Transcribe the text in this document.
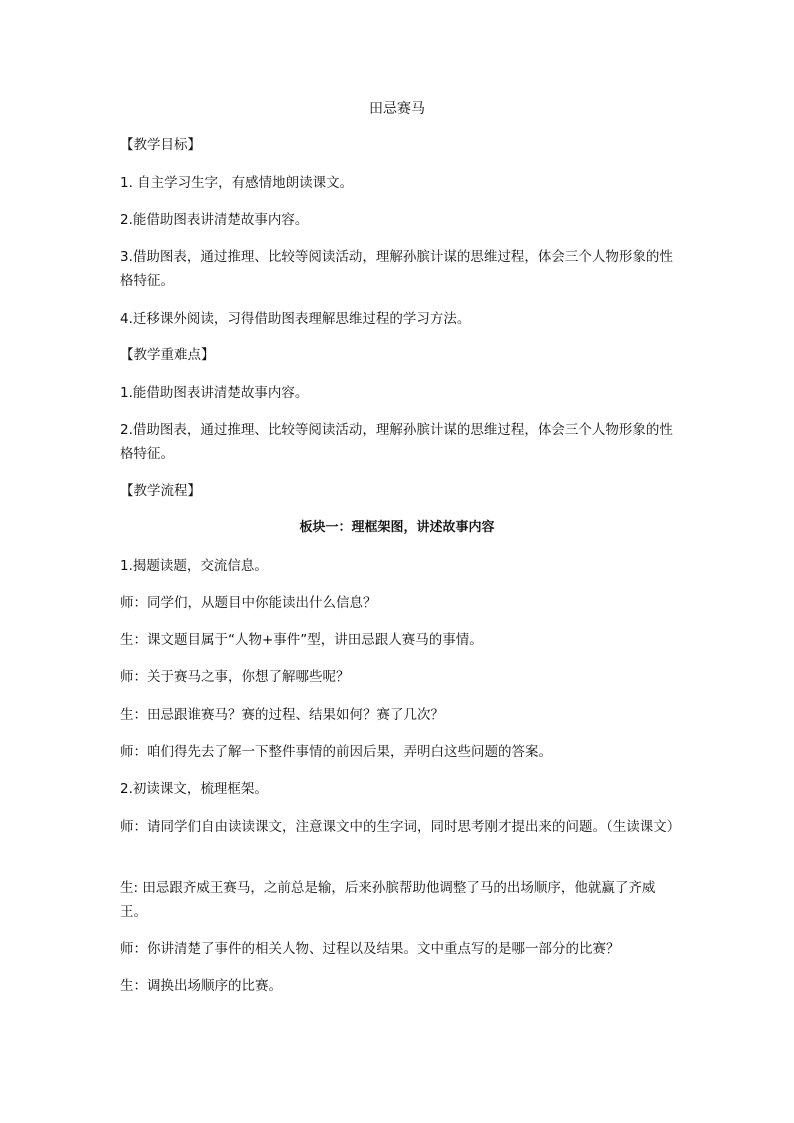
田忌赛马
【教学目标】
1. 自主学习生字，有感情地朗读课文。
2.能借助图表讲清楚故事内容。
3.借助图表，通过推理、比较等阅读活动，理解孙膑计谋的思维过程，体会三个人物形象的性格特征。
4.迁移课外阅读，习得借助图表理解思维过程的学习方法。
【教学重难点】
1.能借助图表讲清楚故事内容。
2.借助图表，通过推理、比较等阅读活动，理解孙膑计谋的思维过程，体会三个人物形象的性格特征。
【教学流程】
板块一：理框架图，讲述故事内容
1.揭题读题，交流信息。
师：同学们，从题目中你能读出什么信息？
生：课文题目属于“人物+事件”型，讲田忌跟人赛马的事情。
师：关于赛马之事，你想了解哪些呢？
生：田忌跟谁赛马？赛的过程、结果如何？赛了几次？
师：咱们得先去了解一下整件事情的前因后果，弄明白这些问题的答案。
2.初读课文，梳理框架。
师：请同学们自由读读课文，注意课文中的生字词，同时思考刚才提出来的问题。（生读课文）
生: 田忌跟齐威王赛马，之前总是输，后来孙膑帮助他调整了马的出场顺序，他就赢了齐威王。
师：你讲清楚了事件的相关人物、过程以及结果。文中重点写的是哪一部分的比赛？
生：调换出场顺序的比赛。
